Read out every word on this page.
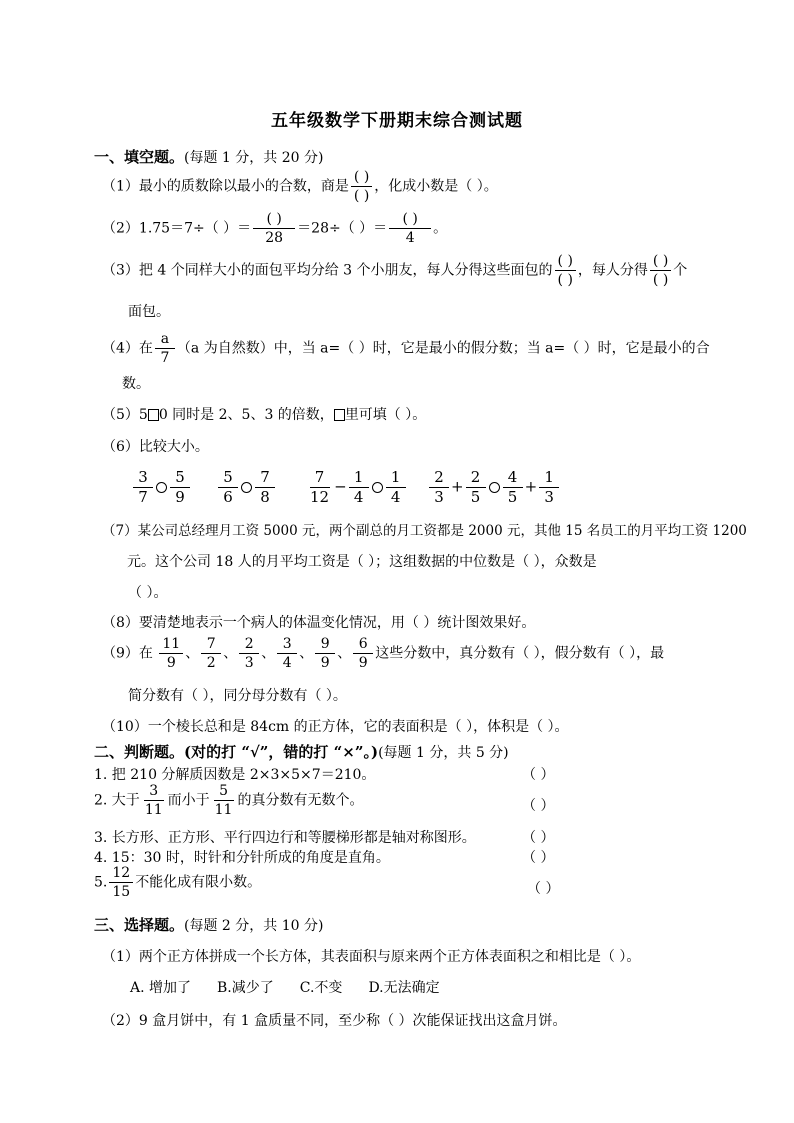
五年级数学下册期末综合测试题
一、填空题。(每题 1 分，共 20 分)
（1）最小的质数除以最小的合数，商是 $\frac{( )}{( )}$ ，化成小数是（ ）。
（2）1.75＝7÷（ ）＝ $\frac{( )}{28} =28\div$（ ）＝ $\frac{( )}{4}$ 。
（3）把 4 个同样大小的面包平均分给 3 个小朋友，每人分得这些面包的 $\frac{( )}{( )}$ ，每人分得 $\frac{( )}{( )}$ 个
面包。
（4）在 $\frac{a}{7} (a$ 为自然数）中，当 a=（ ）时，它是最小的假分数；当 a=（ ）时，它是最小的合
数。
（5）5 0 同时是 2、5、3 的倍数， 里可填（ ）。
（6）比较大小。
$\frac{3}{7} \frac{5}{9} \frac{5}{6} \frac{7}{8} \frac{7}{12} - \frac{1}{4} \frac{1}{4} \frac{2}{3} + \frac{2}{5} \frac{4}{5} + \frac{1}{3}$
（7）某公司总经理月工资 5000 元，两个副总的月工资都是 2000 元，其他 15 名员工的月平均工资 1200
元。这个公司 18 人的月平均工资是（ ）；这组数据的中位数是（ ），众数是
（ ）。
（8）要清楚地表示一个病人的体温变化情况，用（ ）统计图效果好。
（9）在 $\frac{11}{9}$ 、 $\frac{7}{2}$ 、 $\frac{2}{3}$ 、 $\frac{3}{4}$ 、 $\frac{9}{9}$ 、 $\frac{6}{9}$ 这些分数中，真分数有（ ），假分数有（ ），最
简分数有（ ），同分母分数有（ ）。
（10）一个棱长总和是 84cm 的正方体，它的表面积是（ ），体积是（ ）。
二、判断题。(对的打 “√”，错的打 “×”。)(每题 1 分，共 5 分)
1. 把 210 分解质因数是 2×3×5×7＝210。	（ ）
2. 大于 $\frac{3}{11}$ 而小于 $\frac{5}{11}$ 的真分数有无数个。	（ ）
3. 长方形、正方形、平行四边行和等腰梯形都是轴对称图形。	（ ）
4. 15：30 时，时针和分针所成的角度是直角。	（ ）
5. $\frac{12}{15}$ 不能化成有限小数。	（ ）
三、选择题。(每题 2 分，共 10 分)
（1）两个正方体拼成一个长方体，其表面积与原来两个正方体表面积之和相比是（ ）。
A. 增加了 B.减少了 C.不变 D.无法确定
（2）9 盒月饼中，有 1 盒质量不同，至少称（ ）次能保证找出这盒月饼。
